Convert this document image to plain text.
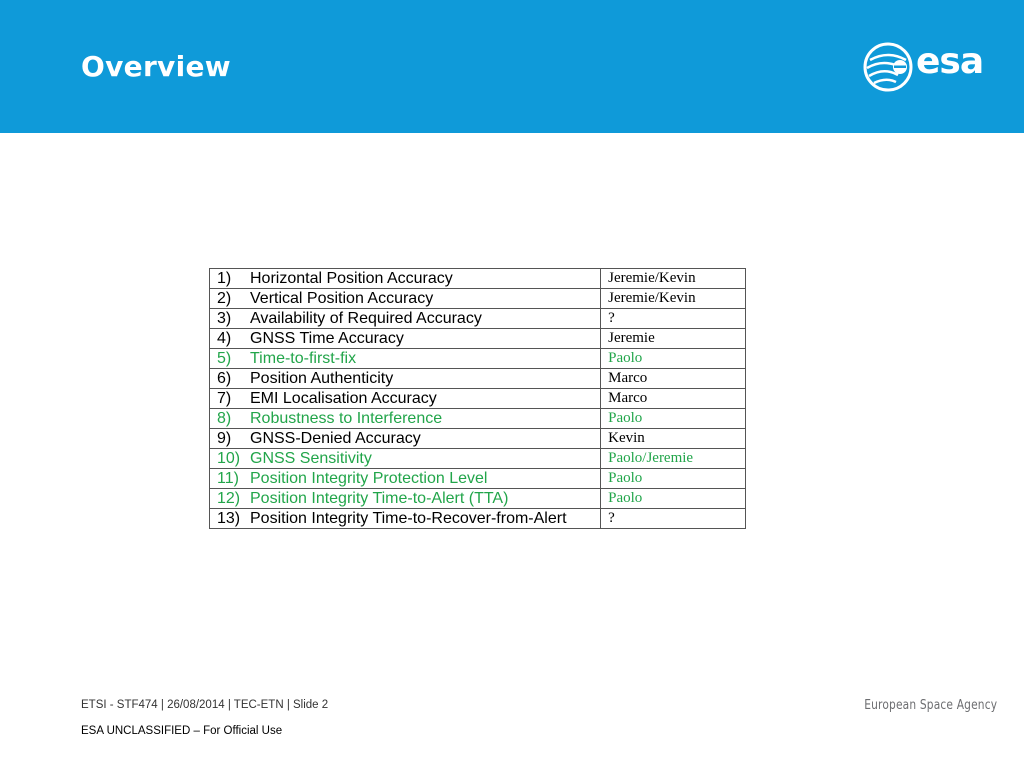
Overview	esa
1) Horizontal Position Accuracy	Jeremie/Kevin
2) Vertical Position Accuracy	Jeremie/Kevin
3) Availability of Required Accuracy	?
4) GNSS Time Accuracy	Jeremie
5) Time-to-first-fix	Paolo
6) Position Authenticity	Marco
7) EMI Localisation Accuracy	Marco
8) Robustness to Interference	Paolo
9) GNSS-Denied Accuracy	Kevin
10) GNSS Sensitivity	Paolo/Jeremie
11) Position Integrity Protection Level	Paolo
12) Position Integrity Time-to-Alert (TTA)	Paolo
13) Position Integrity Time-to-Recover-from-Alert	?
ETSI - STF474 | 26/08/2014 | TEC-ETN | Slide 2
ESA UNCLASSIFIED – For Official Use
European Space Agency
